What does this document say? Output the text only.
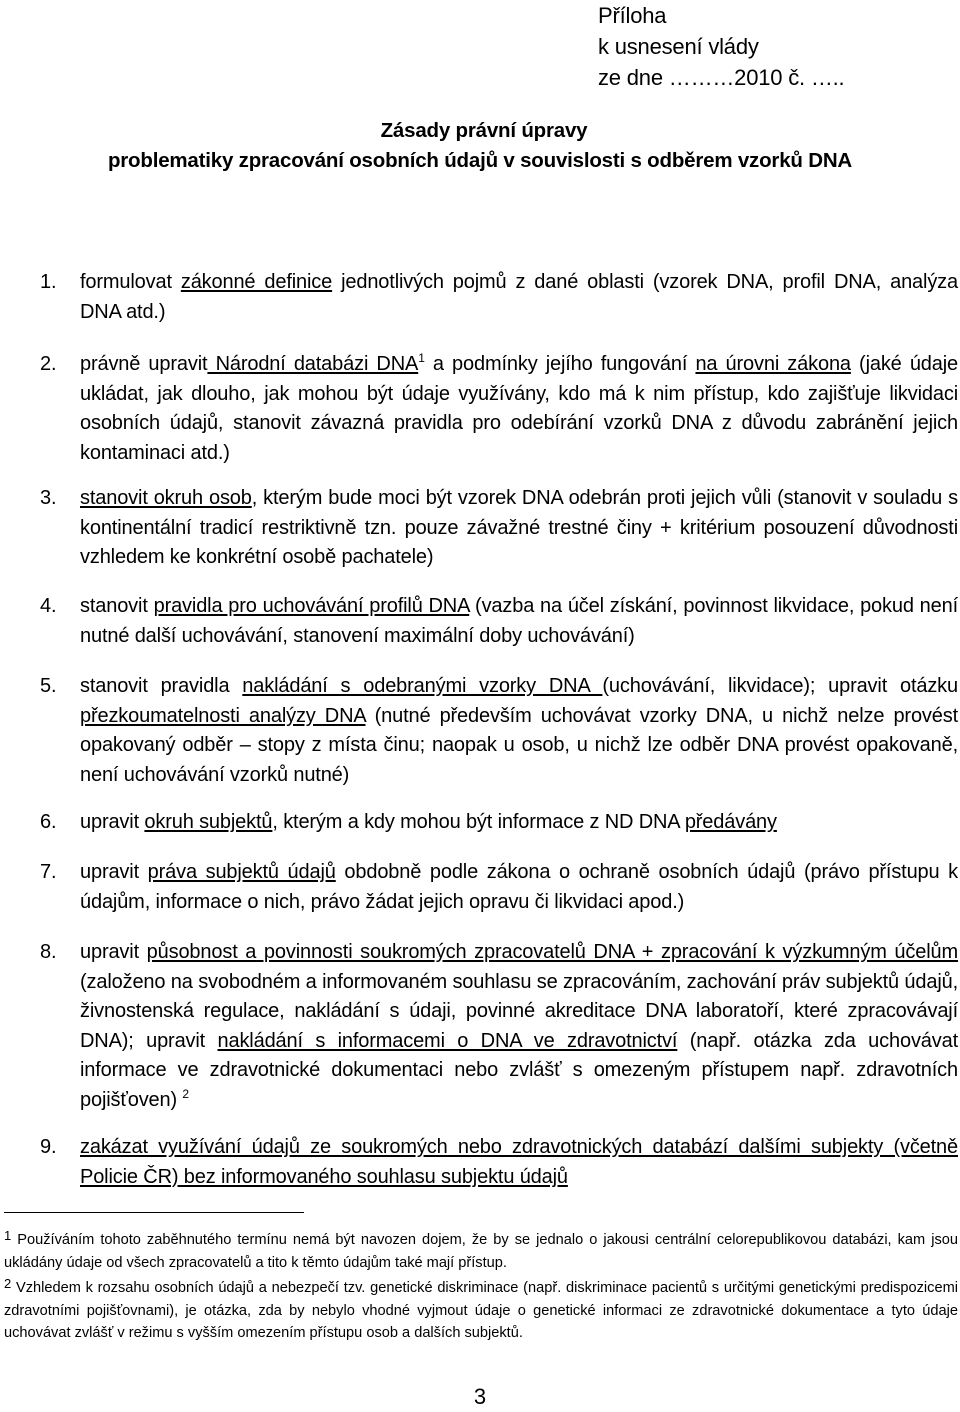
Příloha
k usnesení vlády
ze dne ………2010 č. …..
Zásady právní úpravy
problematiky zpracování osobních údajů v souvislosti s odběrem vzorků DNA
1. formulovat zákonné definice jednotlivých pojmů z dané oblasti (vzorek DNA, profil DNA, analýza DNA atd.)
2. právně upravit Národní databázi DNA$^1$ a podmínky jejího fungování na úrovni zákona (jaké údaje ukládat, jak dlouho, jak mohou být údaje využívány, kdo má k nim přístup, kdo zajišťuje likvidaci osobních údajů, stanovit závazná pravidla pro odebírání vzorků DNA z důvodu zabránění jejich kontaminaci atd.)
3. stanovit okruh osob, kterým bude moci být vzorek DNA odebrán proti jejich vůli (stanovit v souladu s kontinentální tradicí restriktivně tzn. pouze závažné trestné činy + kritérium posouzení důvodnosti vzhledem ke konkrétní osobě pachatele)
4. stanovit pravidla pro uchovávání profilů DNA (vazba na účel získání, povinnost likvidace, pokud není nutné další uchovávání, stanovení maximální doby uchovávání)
5. stanovit pravidla nakládání s odebranými vzorky DNA (uchovávání, likvidace); upravit otázku přezkoumatelnosti analýzy DNA (nutné především uchovávat vzorky DNA, u nichž nelze provést opakovaný odběr – stopy z místa činu; naopak u osob, u nichž lze odběr DNA provést opakovaně, není uchovávání vzorků nutné)
6. upravit okruh subjektů, kterým a kdy mohou být informace z ND DNA předávány
7. upravit práva subjektů údajů obdobně podle zákona o ochraně osobních údajů (právo přístupu k údajům, informace o nich, právo žádat jejich opravu či likvidaci apod.)
8. upravit působnost a povinnosti soukromých zpracovatelů DNA + zpracování k výzkumným účelům (založeno na svobodném a informovaném souhlasu se zpracováním, zachování práv subjektů údajů, živnostenská regulace, nakládání s údaji, povinné akreditace DNA laboratoří, které zpracovávají DNA); upravit nakládání s informacemi o DNA ve zdravotnictví (např. otázka zda uchovávat informace ve zdravotnické dokumentaci nebo zvlášť s omezeným přístupem např. zdravotních pojišťoven) $^2$
9. zakázat využívání údajů ze soukromých nebo zdravotnických databází dalšími subjekty (včetně Policie ČR) bez informovaného souhlasu subjektu údajů
$^1$ Používáním tohoto zaběhnutého termínu nemá být navozen dojem, že by se jednalo o jakousi centrální celorepublikovou databázi, kam jsou ukládány údaje od všech zpracovatelů a tito k těmto údajům také mají přístup.
$^2$ Vzhledem k rozsahu osobních údajů a nebezpečí tzv. genetické diskriminace (např. diskriminace pacientů s určitými genetickými predispozicemi zdravotními pojišťovnami), je otázka, zda by nebylo vhodné vyjmout údaje o genetické informaci ze zdravotnické dokumentace a tyto údaje uchovávat zvlášť v režimu s vyšším omezením přístupu osob a dalších subjektů.
3
